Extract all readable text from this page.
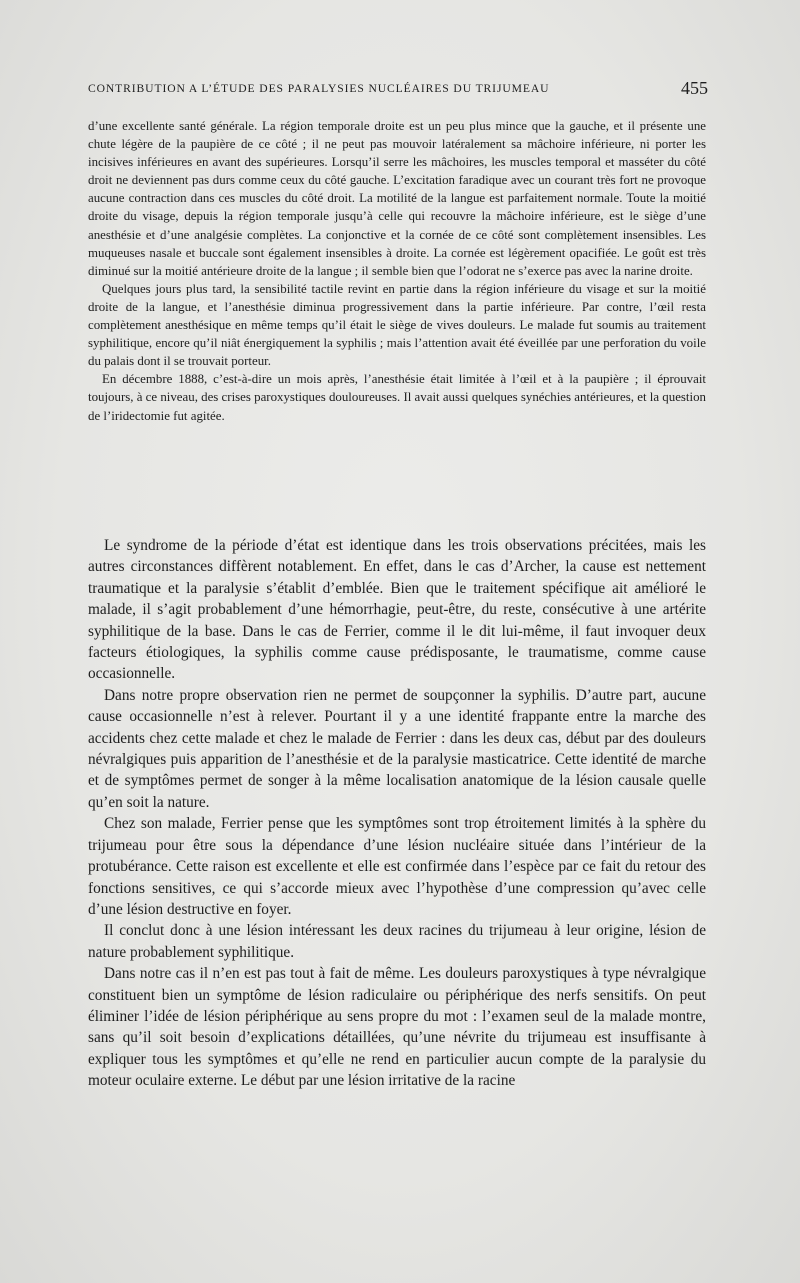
CONTRIBUTION A L’ÉTUDE DES PARALYSIES NUCLÉAIRES DU TRIJUMEAU	455

d’une excellente santé générale. La région temporale droite est un peu plus mince que la gauche, et il présente une chute légère de la paupière de ce côté ; il ne peut pas mouvoir latéralement sa mâchoire inférieure, ni porter les incisives inférieures en avant des supérieures. Lorsqu’il serre les mâchoires, les muscles temporal et masséter du côté droit ne deviennent pas durs comme ceux du côté gauche. L’excitation faradique avec un courant très fort ne provoque aucune contraction dans ces muscles du côté droit. La motilité de la langue est parfaitement normale. Toute la moitié droite du visage, depuis la région temporale jusqu’à celle qui recouvre la mâchoire inférieure, est le siège d’une anesthésie et d’une analgésie complètes. La conjonctive et la cornée de ce côté sont complètement insensibles. Les muqueuses nasale et buccale sont également insensibles à droite. La cornée est légèrement opacifiée. Le goût est très diminué sur la moitié antérieure droite de la langue ; il semble bien que l’odorat ne s’exerce pas avec la narine droite.

Quelques jours plus tard, la sensibilité tactile revint en partie dans la région inférieure du visage et sur la moitié droite de la langue, et l’anesthésie diminua progressivement dans la partie inférieure. Par contre, l’œil resta complètement anesthésique en même temps qu’il était le siège de vives douleurs. Le malade fut soumis au traitement syphilitique, encore qu’il niât énergiquement la syphilis ; mais l’attention avait été éveillée par une perforation du voile du palais dont il se trouvait porteur.

En décembre 1888, c’est-à-dire un mois après, l’anesthésie était limitée à l’œil et à la paupière ; il éprouvait toujours, à ce niveau, des crises paroxystiques douloureuses. Il avait aussi quelques synéchies antérieures, et la question de l’iridectomie fut agitée.

Le syndrome de la période d’état est identique dans les trois observations précitées, mais les autres circonstances diffèrent notablement. En effet, dans le cas d’Archer, la cause est nettement traumatique et la paralysie s’établit d’emblée. Bien que le traitement spécifique ait amélioré le malade, il s’agit probablement d’une hémorrhagie, peut-être, du reste, consécutive à une artérite syphilitique de la base. Dans le cas de Ferrier, comme il le dit lui-même, il faut invoquer deux facteurs étiologiques, la syphilis comme cause prédisposante, le traumatisme, comme cause occasionnelle.

Dans notre propre observation rien ne permet de soupçonner la syphilis. D’autre part, aucune cause occasionnelle n’est à relever. Pourtant il y a une identité frappante entre la marche des accidents chez cette malade et chez le malade de Ferrier : dans les deux cas, début par des douleurs névralgiques puis apparition de l’anesthésie et de la paralysie masticatrice. Cette identité de marche et de symptômes permet de songer à la même localisation anatomique de la lésion causale quelle qu’en soit la nature.

Chez son malade, Ferrier pense que les symptômes sont trop étroitement limités à la sphère du trijumeau pour être sous la dépendance d’une lésion nucléaire située dans l’intérieur de la protubérance. Cette raison est excellente et elle est confirmée dans l’espèce par ce fait du retour des fonctions sensitives, ce qui s’accorde mieux avec l’hypothèse d’une compression qu’avec celle d’une lésion destructive en foyer.

Il conclut donc à une lésion intéressant les deux racines du trijumeau à leur origine, lésion de nature probablement syphilitique.

Dans notre cas il n’en est pas tout à fait de même. Les douleurs paroxystiques à type névralgique constituent bien un symptôme de lésion radiculaire ou périphérique des nerfs sensitifs. On peut éliminer l’idée de lésion périphérique au sens propre du mot : l’examen seul de la malade montre, sans qu’il soit besoin d’explications détaillées, qu’une névrite du trijumeau est insuffisante à expliquer tous les symptômes et qu’elle ne rend en particulier aucun compte de la paralysie du moteur oculaire externe. Le début par une lésion irritative de la racine
